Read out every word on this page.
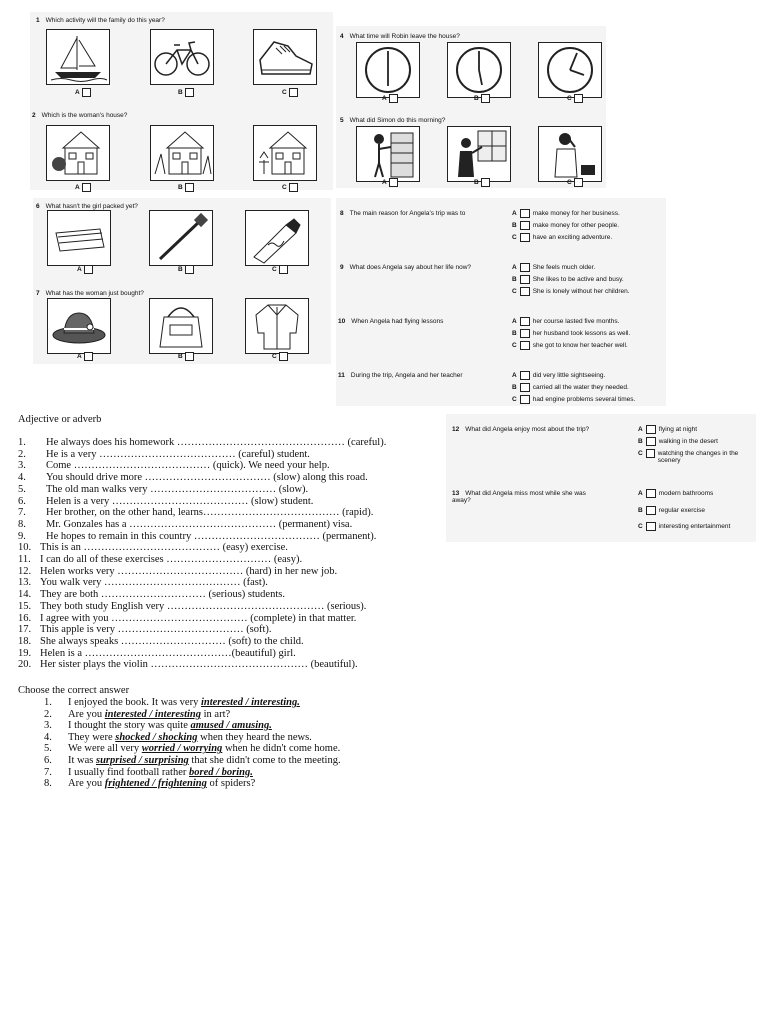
1 Which activity will the family do this year?
A	B	C
2 Which is the woman's house?
A	B	C
4 What time will Robin leave the house?
A	B	C
5 What did Simon do this morning?
A	B	C
6 What hasn't the girl packed yet?
A	B	C
7 What has the woman just bought?
A	B	C
8 The main reason for Angela's trip was to	A make money for her business.
B make money for other people.
C have an exciting adventure.
9 What does Angela say about her life now?	A She feels much older.
B She likes to be active and busy.
C She is lonely without her children.
10 When Angela had flying lessons	A her course lasted five months.
B her husband took lessons as well.
C she got to know her teacher well.
11 During the trip, Angela and her teacher	A did very little sightseeing.
B carried all the water they needed.
C had engine problems several times.
12 What did Angela enjoy most about the trip?	A flying at night
B walking in the desert
C watching the changes in the scenery
13 What did Angela miss most while she was away?
A modern bathrooms
B regular exercise
C interesting entertainment
Adjective or adverb
1. He always does his homework ………………………………………… (careful).
2. He is a very ………………………………… (careful) student.
3. Come ………………………………… (quick). We need your help.
4. You should drive more ……………………………… (slow) along this road.
5. The old man walks very ……………………………… (slow).
6. Helen is a very ………………………………… (slow) student.
7. Her brother, on the other hand, learns………………………………… (rapid).
8. Mr. Gonzales has a …………………………………… (permanent) visa.
9. He hopes to remain in this country ……………………………… (permanent).
10. This is an ………………………………… (easy) exercise.
11. I can do all of these exercises ………………………… (easy).
12. Helen works very ……………………………… (hard) in her new job.
13. You walk very ………………………………… (fast).
14. They are both ………………………… (serious) students.
15. They both study English very ……………………………………… (serious).
16. I agree with you ………………………………… (complete) in that matter.
17. This apple is very ……………………………… (soft).
18. She always speaks ………………………… (soft) to the child.
19. Helen is a ……………………………………(beautiful) girl.
20. Her sister plays the violin ……………………………………… (beautiful).
Choose the correct answer
1. I enjoyed the book. It was very interested / interesting.
2. Are you interested / interesting in art?
3. I thought the story was quite amused / amusing.
4. They were shocked / shocking when they heard the news.
5. We were all very worried / worrying when he didn't come home.
6. It was surprised / surprising that she didn't come to the meeting.
7. I usually find football rather bored / boring.
8. Are you frightened / frightening of spiders?
